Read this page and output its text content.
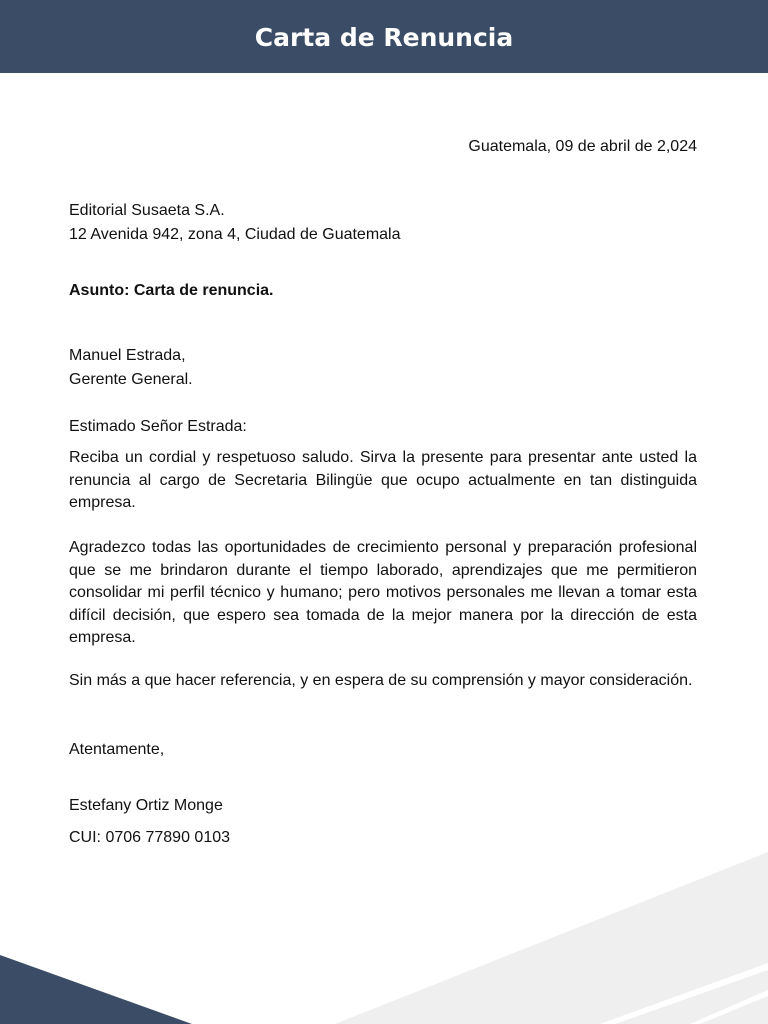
Carta de Renuncia

Guatemala, 09 de abril de 2,024

Editorial Susaeta S.A.

12 Avenida 942, zona 4, Ciudad de Guatemala

Asunto: Carta de renuncia.

Manuel Estrada,

Gerente General.

Estimado Señor Estrada:

Reciba un cordial y respetuoso saludo. Sirva la presente para presentar ante usted la renuncia al cargo de Secretaria Bilingüe que ocupo actualmente en tan distinguida empresa.

Agradezco todas las oportunidades de crecimiento personal y preparación profesional que se me brindaron durante el tiempo laborado, aprendizajes que me permitieron consolidar mi perfil técnico y humano; pero motivos personales me llevan a tomar esta difícil decisión, que espero sea tomada de la mejor manera por la dirección de esta empresa.

Sin más a que hacer referencia, y en espera de su comprensión y mayor consideración.

Atentamente,

Estefany Ortiz Monge

CUI: 0706 77890 0103
